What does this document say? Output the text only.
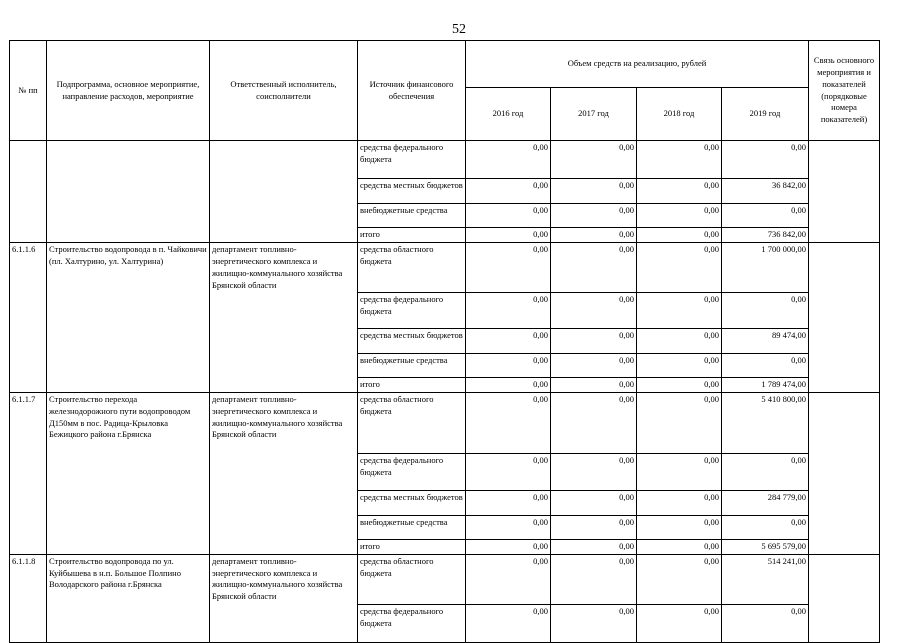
52
№ пп	Подпрограмма, основное мероприятие, направление расходов, мероприятие	Ответственный исполнитель, соисполнители	Источник финансового обеспечения	Объем средств на реализацию, рублей				Связь основного мероприятия и показателей (порядковые номера показателей)
				2016 год	2017 год	2018 год	2019 год	
			средства федерального бюджета	0,00	0,00	0,00	0,00	
			средства местных бюджетов	0,00	0,00	0,00	36 842,00	
			внебюджетные средства	0,00	0,00	0,00	0,00	
			итого	0,00	0,00	0,00	736 842,00	
6.1.1.6	Строительство водопровода в п. Чайковичи (пл. Халтурино, ул. Халтурина)	департамент топливно-энергетического комплекса и жилищно-коммунального хозяйства Брянской области	средства областного бюджета	0,00	0,00	0,00	1 700 000,00	
			средства федерального бюджета	0,00	0,00	0,00	0,00	
			средства местных бюджетов	0,00	0,00	0,00	89 474,00	
			внебюджетные средства	0,00	0,00	0,00	0,00	
			итого	0,00	0,00	0,00	1 789 474,00	
6.1.1.7	Строительство перехода железнодорожного пути водопроводом Д150мм в пос. Радица-Крыловка Бежицкого района г.Брянска	департамент топливно-энергетического комплекса и жилищно-коммунального хозяйства Брянской области	средства областного бюджета	0,00	0,00	0,00	5 410 800,00	
			средства федерального бюджета	0,00	0,00	0,00	0,00	
			средства местных бюджетов	0,00	0,00	0,00	284 779,00	
			внебюджетные средства	0,00	0,00	0,00	0,00	
			итого	0,00	0,00	0,00	5 695 579,00	
6.1.1.8	Строительство водопровода по ул. Куйбышева в н.п. Большое Полпино Володарского района г.Брянска	департамент топливно-энергетического комплекса и жилищно-коммунального хозяйства Брянской области	средства областного бюджета	0,00	0,00	0,00	514 241,00	
			средства федерального бюджета	0,00	0,00	0,00	0,00	
